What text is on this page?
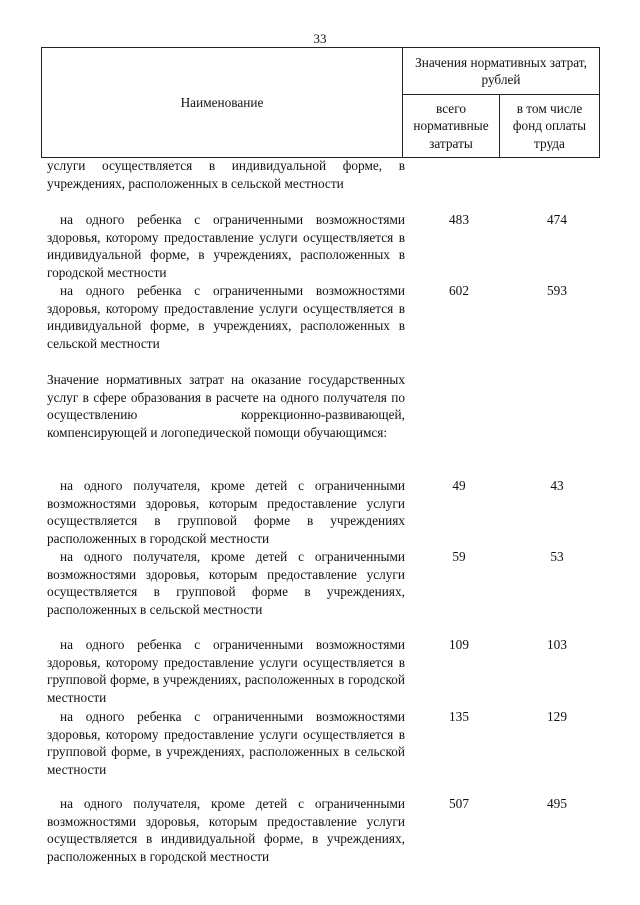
33
Наименование	Значения нормативных затрат, рублей	
	всего нормативные затраты	в том числе фонд оплаты труда
услуги осуществляется в индивидуальной форме, в учреждениях, расположенных в сельской местности
на одного ребенка с ограниченными возможностями здоровья, которому предоставление услуги осуществляется в индивидуальной форме, в учреждениях, расположенных в городской местности
483	474
на одного ребенка с ограниченными возможностями здоровья, которому предоставление услуги осуществляется в индивидуальной форме, в учреждениях, расположенных в сельской местности
602	593
Значение нормативных затрат на оказание государственных услуг в сфере образования в расчете на одного получателя по осуществлению коррекционно-развивающей, компенсирующей и логопедической помощи обучающимся:
на одного получателя, кроме детей с ограниченными возможностями здоровья, которым предоставление услуги осуществляется в групповой форме в учреждениях расположенных в городской местности
49	43
на одного получателя, кроме детей с ограниченными возможностями здоровья, которым предоставление услуги осуществляется в групповой форме в учреждениях, расположенных в сельской местности
59	53
на одного ребенка с ограниченными возможностями здоровья, которому предоставление услуги осуществляется в групповой форме, в учреждениях, расположенных в городской местности
109	103
на одного ребенка с ограниченными возможностями здоровья, которому предоставление услуги осуществляется в групповой форме, в учреждениях, расположенных в сельской местности
135	129
на одного получателя, кроме детей с ограниченными возможностями здоровья, которым предоставление услуги осуществляется в индивидуальной форме, в учреждениях, расположенных в городской местности
507	495
